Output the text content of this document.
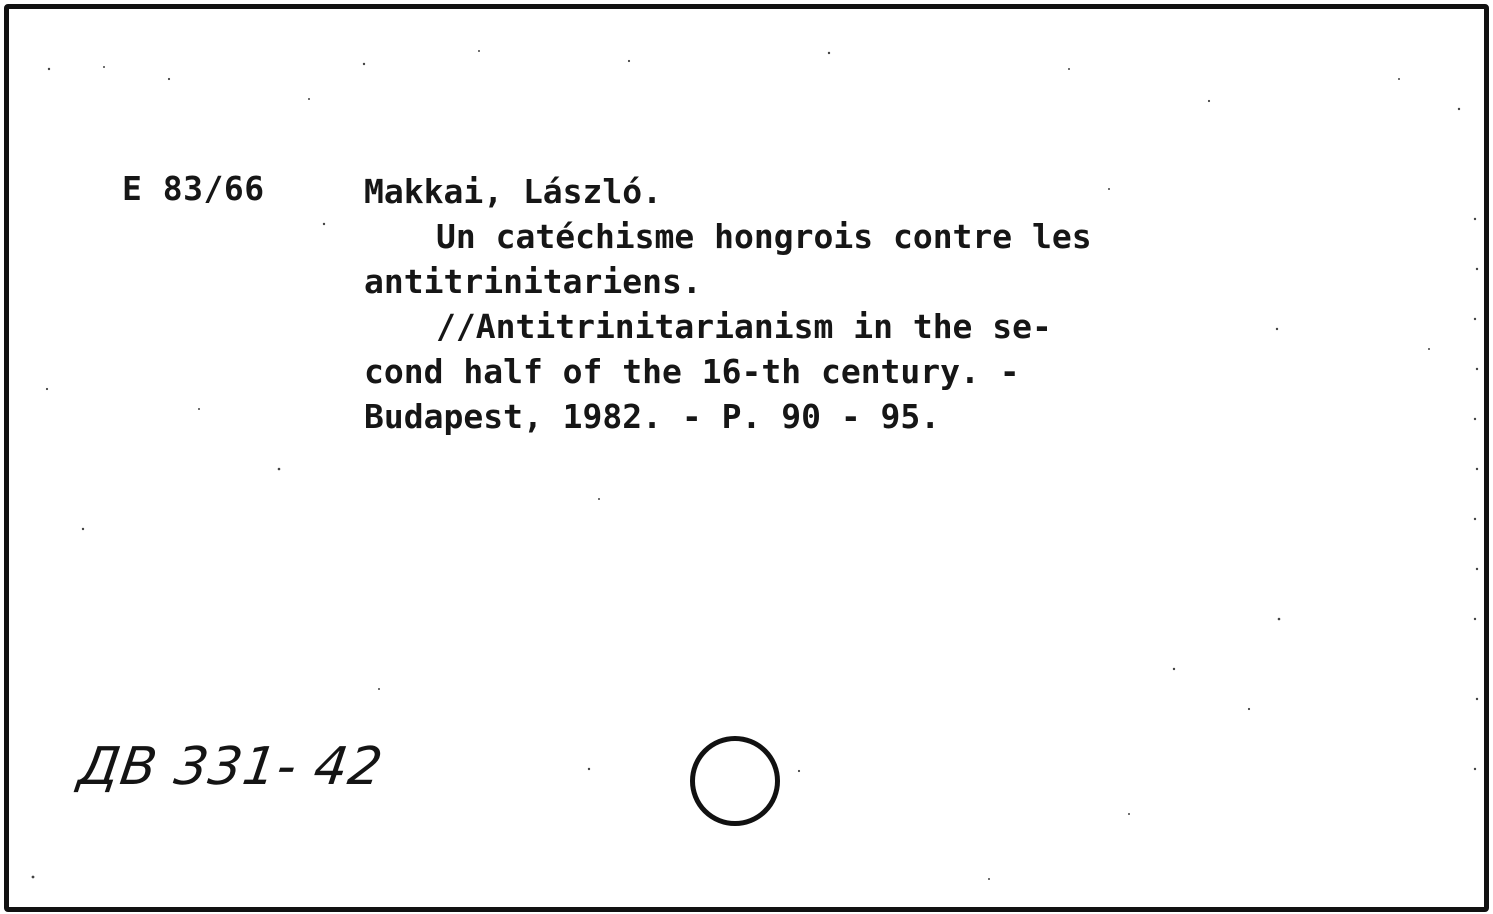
E 83/66	Makkai, László.
Un catéchisme hongrois contre les
antitrinitariens.
//Antitrinitarianism in the se-
cond half of the 16-th century. -
Budapest, 1982. - P. 90 - 95.
ДВ 331- 42
